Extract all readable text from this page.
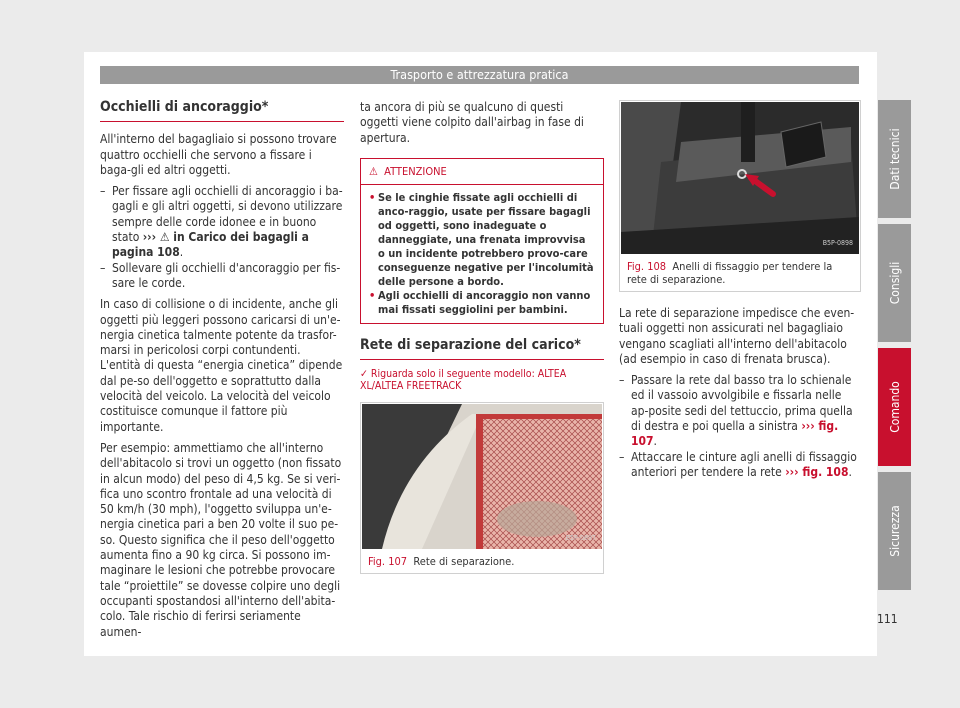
Trasporto e attrezzatura pratica
Occhielli di ancoraggio*

All'interno del bagagliaio si possono trovare quattro occhielli che servono a fissare i baga-gli ed altri oggetti.

– Per fissare agli occhielli di ancoraggio i ba-gagli e gli altri oggetti, si devono utilizzare sempre delle corde idonee e in buono stato ››› ⚠ in Carico dei bagagli a pagina 108.
– Sollevare gli occhielli d'ancoraggio per fis-sare le corde.

In caso di collisione o di incidente, anche gli oggetti più leggeri possono caricarsi di un'e-nergia cinetica talmente potente da trasfor-marsi in pericolosi corpi contundenti. L'entità di questa “energia cinetica” dipende dal pe-so dell'oggetto e soprattutto dalla velocità del veicolo. La velocità del veicolo costituisce comunque il fattore più importante.

Per esempio: ammettiamo che all'interno dell'abitacolo si trovi un oggetto (non fissato in alcun modo) del peso di 4,5 kg. Se si veri-fica uno scontro frontale ad una velocità di 50 km/h (30 mph), l'oggetto sviluppa un'e-nergia cinetica pari a ben 20 volte il suo pe-so. Questo significa che il peso dell'oggetto aumenta fino a 90 kg circa. Si possono im-maginare le lesioni che potrebbe provocare tale “proiettile” se dovesse colpire uno degli occupanti spostandosi all'interno dell'abita-colo. Tale rischio di ferirsi seriamente aumen-

ta ancora di più se qualcuno di questi oggetti viene colpito dall'airbag in fase di apertura.

⚠ ATTENZIONE
• Se le cinghie fissate agli occhielli di anco-raggio, usate per fissare bagagli od oggetti, sono inadeguate o danneggiate, una frenata improvvisa o un incidente potrebbero provo-care conseguenze negative per l'incolumità delle persone a bordo.
• Agli occhielli di ancoraggio non vanno mai fissati seggiolini per bambini.
Rete di separazione del carico*
✓ Riguarda solo il seguente modello: ALTEA XL/ALTEA FREETRACK
B5P-0897
Fig. 107 Rete di separazione.
B5P-0898
Fig. 108 Anelli di fissaggio per tendere la rete di separazione.

La rete di separazione impedisce che even-tuali oggetti non assicurati nel bagagliaio vengano scagliati all'interno dell'abitacolo (ad esempio in caso di frenata brusca).

– Passare la rete dal basso tra lo schienale ed il vassoio avvolgibile e fissarla nelle ap-posite sedi del tettuccio, prima quella di destra e poi quella a sinistra ››› fig. 107.
– Attaccare le cinture agli anelli di fissaggio anteriori per tendere la rete ››› fig. 108.
Dati tecnici
Consigli
Comando
Sicurezza
111
